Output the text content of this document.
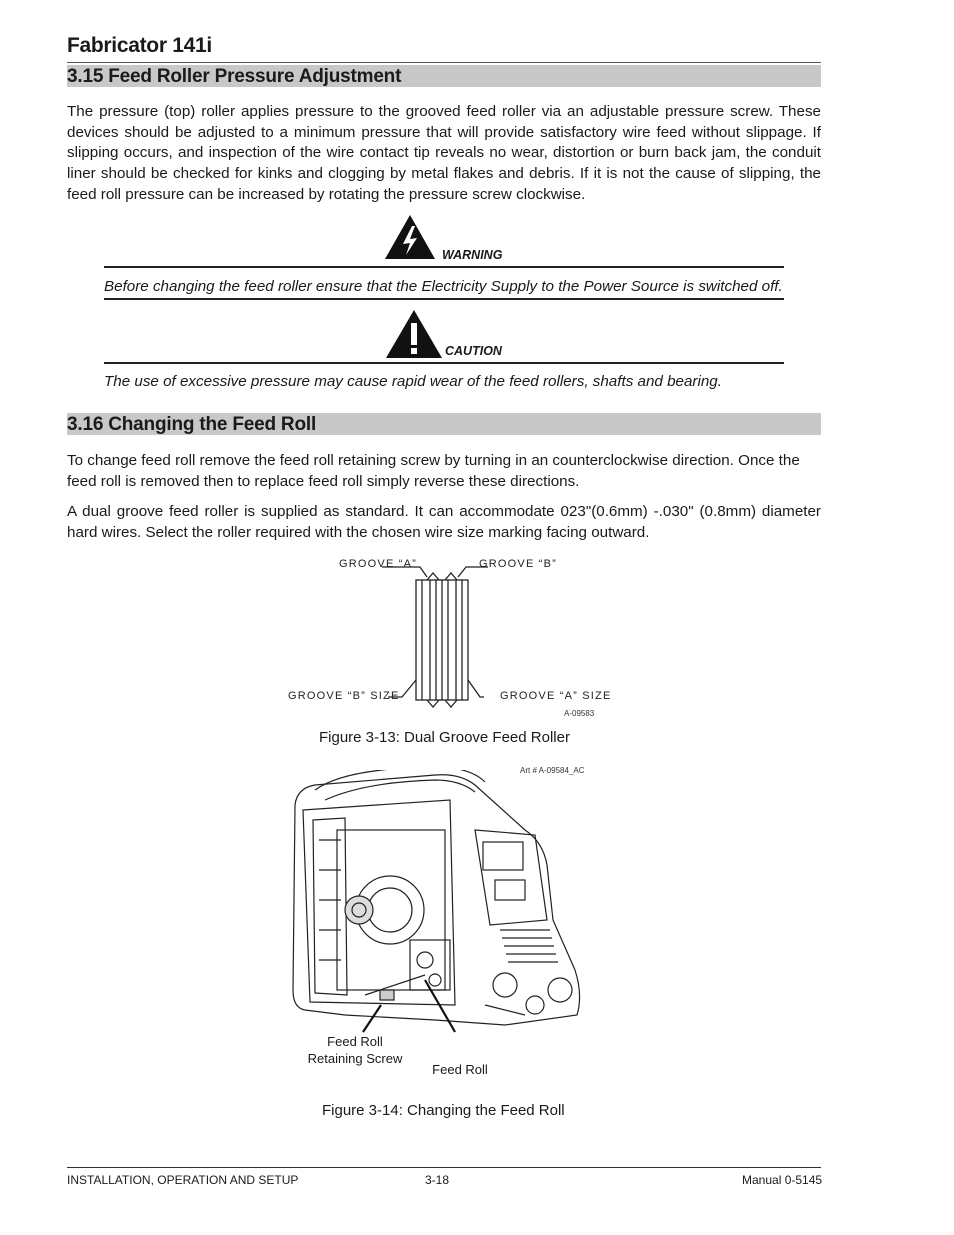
Fabricator 141i
3.15 Feed Roller Pressure Adjustment
The pressure (top) roller applies pressure to the grooved feed roller via an adjustable pressure screw. These devices should be adjusted to a minimum pressure that will provide satisfactory wire feed without slippage. If slipping occurs, and inspection of the wire contact tip reveals no wear, distortion or burn back jam, the conduit liner should be checked for kinks and clogging by metal flakes and debris. If it is not the cause of slipping, the feed roll pressure can be increased by rotating the pressure screw clockwise.
WARNING
Before changing the feed roller ensure that the Electricity Supply to the Power Source is switched off.
CAUTION
The use of excessive pressure may cause rapid wear of the feed rollers, shafts and bearing.
3.16 Changing the Feed Roll
To change feed roll remove the feed roll retaining screw by turning in an counterclockwise direction. Once the feed roll is removed then to replace feed roll simply reverse these directions.
A dual groove feed roller is supplied as standard. It can accommodate 023"(0.6mm) -.030" (0.8mm) diameter hard wires. Select the roller required with the chosen wire size marking facing outward.
GROOVE “A”	GROOVE “B”
GROOVE “B” SIZE	GROOVE “A” SIZE
A-09583
Figure 3-13: Dual Groove Feed Roller
Art # A-09584_AC
Feed Roll
Retaining Screw
Feed Roll
Figure 3-14: Changing the Feed Roll
INSTALLATION, OPERATION AND SETUP	3-18	Manual 0-5145
